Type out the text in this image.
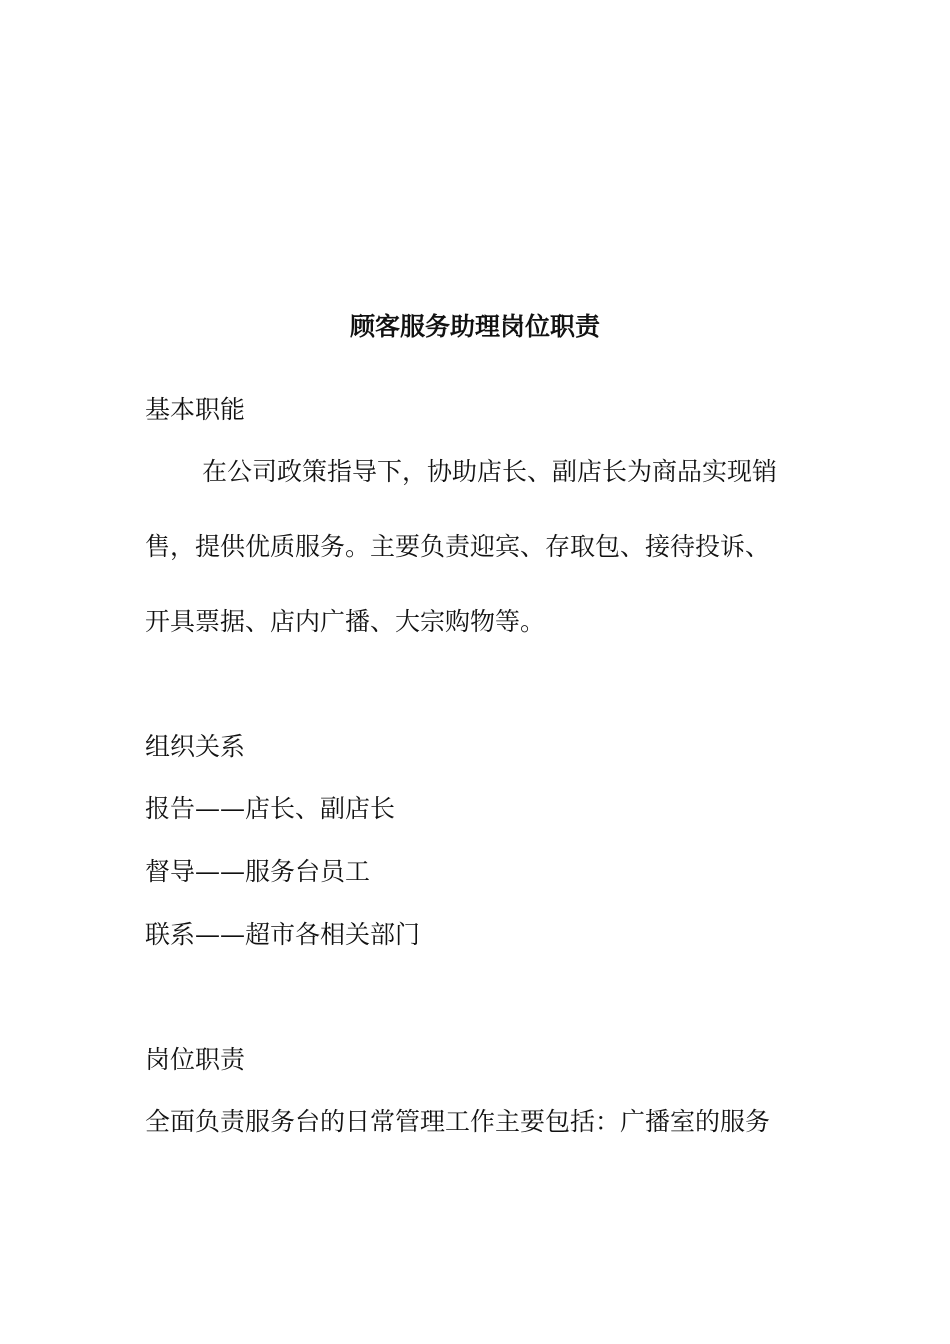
顾客服务助理岗位职责
基本职能
在公司政策指导下，协助店长、副店长为商品实现销
售，提供优质服务。主要负责迎宾、存取包、接待投诉、
开具票据、店内广播、大宗购物等。
组织关系
报告——店长、副店长
督导——服务台员工
联系——超市各相关部门
岗位职责
全面负责服务台的日常管理工作主要包括：广播室的服务
